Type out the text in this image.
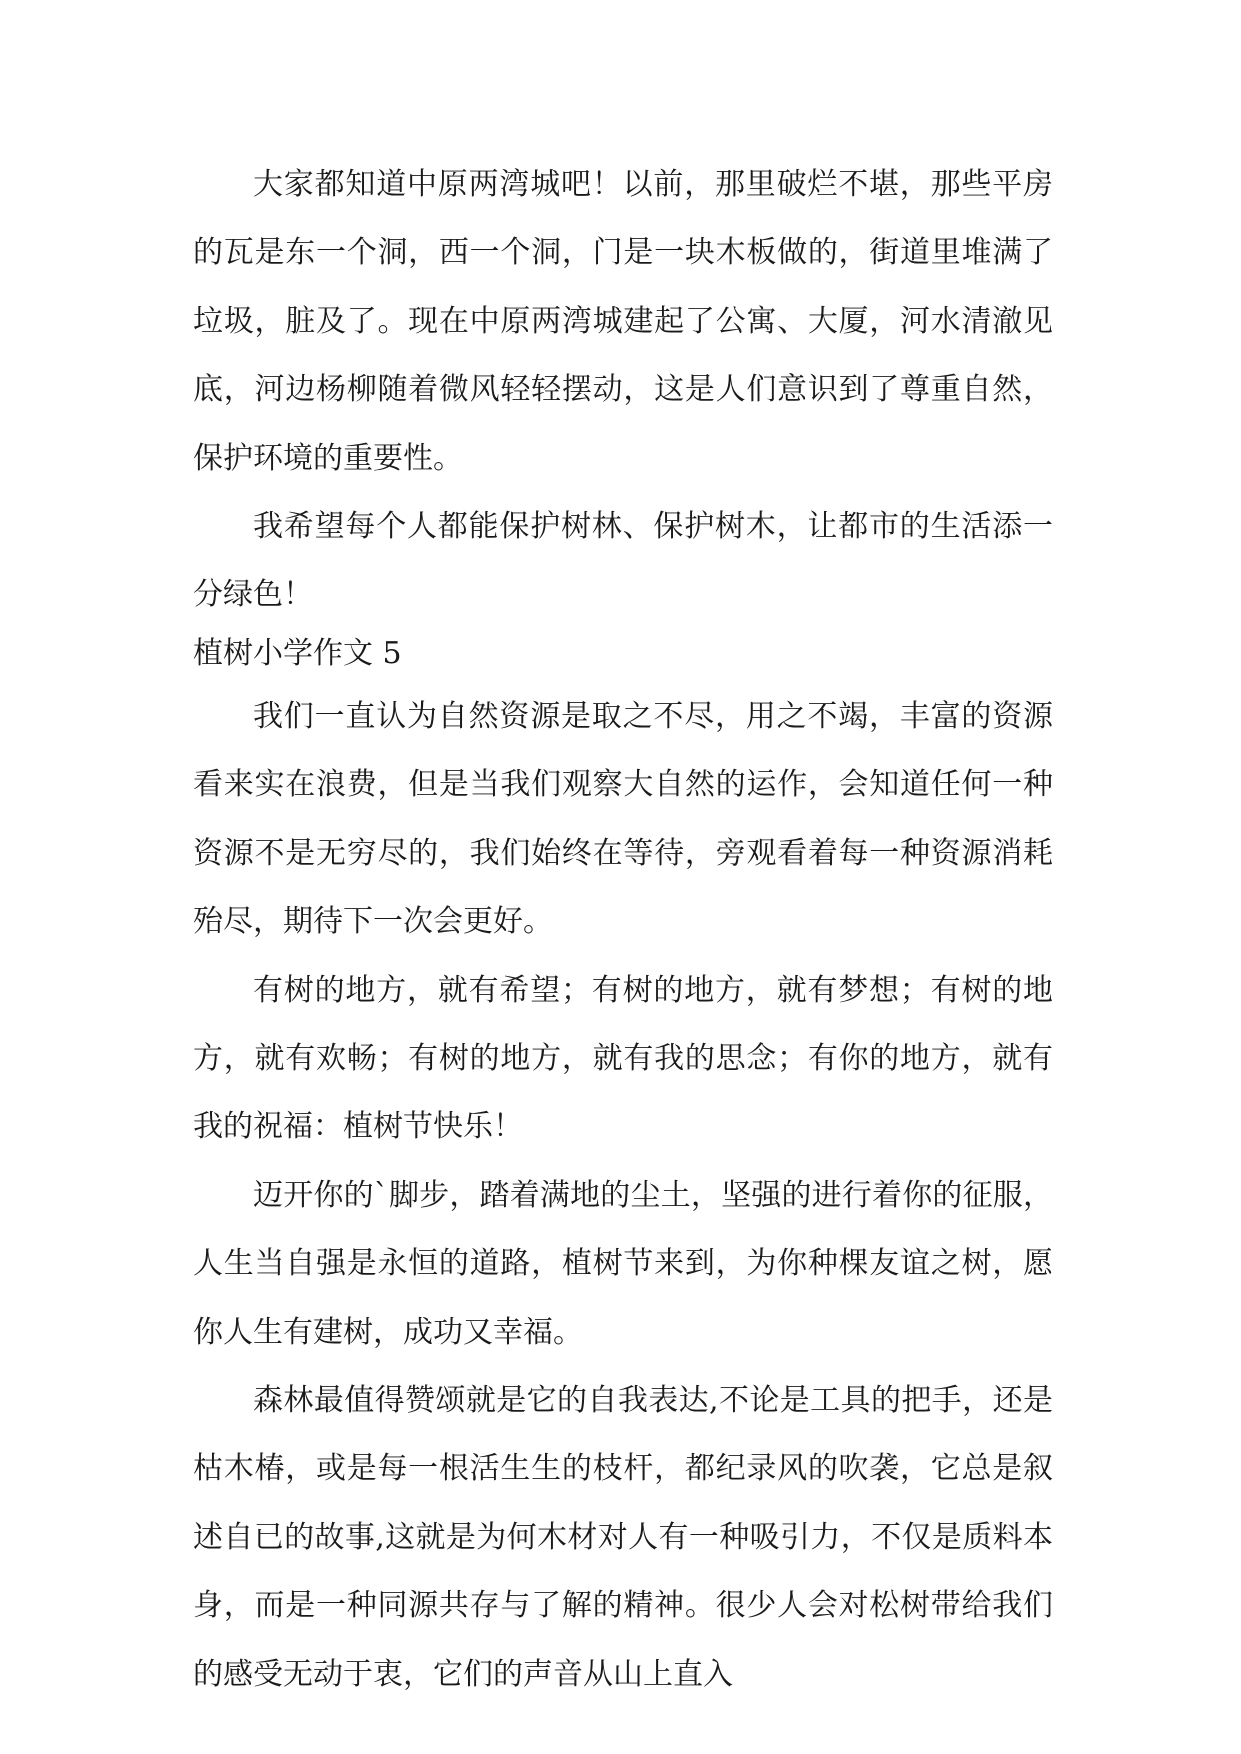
大家都知道中原两湾城吧！以前，那里破烂不堪，那些平房的瓦是东一个洞，西一个洞，门是一块木板做的，街道里堆满了垃圾，脏及了。现在中原两湾城建起了公寓、大厦，河水清澈见底，河边杨柳随着微风轻轻摆动，这是人们意识到了尊重自然，保护环境的重要性。

我希望每个人都能保护树林、保护树木，让都市的生活添一分绿色！

植树小学作文 5

我们一直认为自然资源是取之不尽，用之不竭，丰富的资源看来实在浪费，但是当我们观察大自然的运作，会知道任何一种资源不是无穷尽的，我们始终在等待，旁观看着每一种资源消耗殆尽，期待下一次会更好。

有树的地方，就有希望；有树的地方，就有梦想；有树的地方，就有欢畅；有树的地方，就有我的思念；有你的地方，就有我的祝福：植树节快乐！

迈开你的`脚步，踏着满地的尘土，坚强的进行着你的征服，人生当自强是永恒的道路，植树节来到，为你种棵友谊之树，愿你人生有建树，成功又幸福。

森林最值得赞颂就是它的自我表达,不论是工具的把手，还是枯木椿，或是每一根活生生的枝杆，都纪录风的吹袭，它总是叙述自已的故事,这就是为何木材对人有一种吸引力，不仅是质料本身，而是一种同源共存与了解的精神。很少人会对松树带给我们的感受无动于衷，它们的声音从山上直入
